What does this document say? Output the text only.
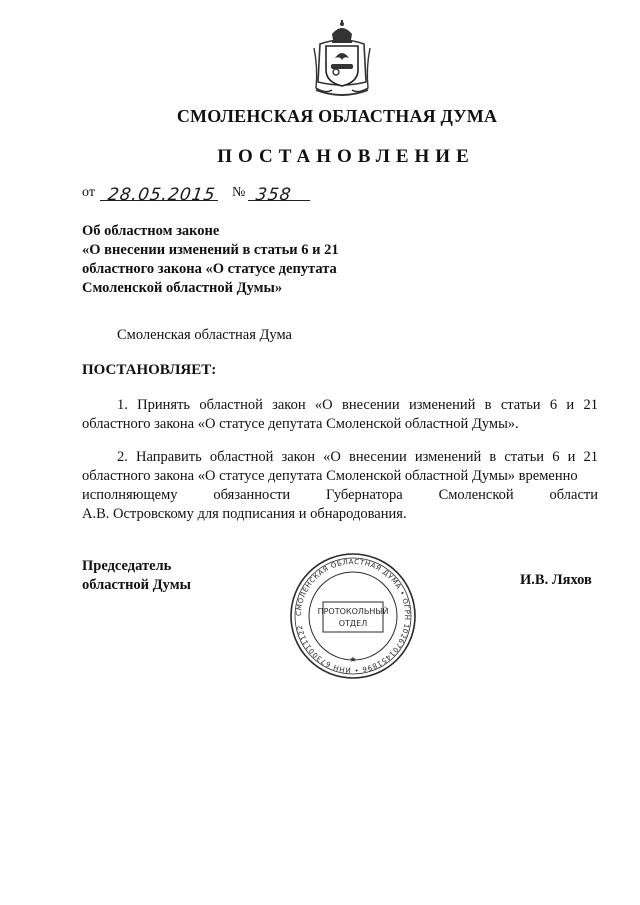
СМОЛЕНСКАЯ ОБЛАСТНАЯ ДУМА
ПОСТАНОВЛЕНИЕ
от 28.05.2015 № 358
Об областном законе
«О внесении изменений в статьи 6 и 21
областного закона «О статусе депутата
Смоленской областной Думы»
Смоленская областная Дума
ПОСТАНОВЛЯЕТ:
1. Принять областной закон «О внесении изменений в статьи 6 и 21
областного закона «О статусе депутата Смоленской областной Думы».
2. Направить областной закон «О внесении изменений в статьи 6 и 21
областного закона «О статусе депутата Смоленской областной Думы» временно
исполняющему обязанности Губернатора Смоленской области
А.В. Островскому для подписания и обнародования.
Председатель
областной Думы	И.В. Ляхов
СМОЛЕНСКАЯ ОБЛАСТНАЯ ДУМА • ОГРН 1026701451896 • ИНН 6730011122
ПРОТОКОЛЬНЫЙ
ОТДЕЛ
★
